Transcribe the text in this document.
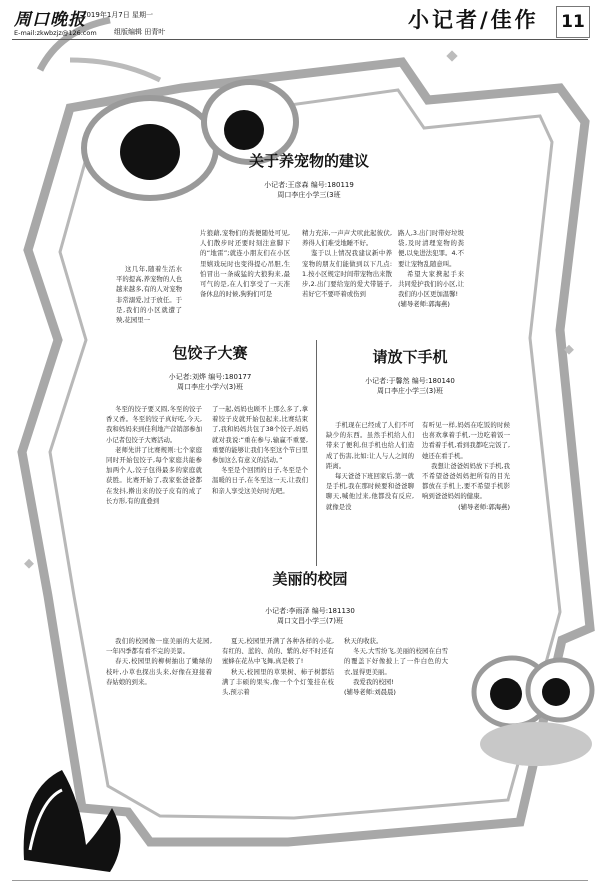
周口晚报
2019年1月7日 星期一
E-mail:zkwbzjz@126.com 组版编辑 田青叶	小记者/佳作	11
关于养宠物的建议
小记者:王彦森 编号:180119
周口李庄小学三(3班

这几年,随着生活水平的提高,养宠物的人也越来越多,有的人对宠物非常溺爱,过于放任。于是,我们的小区就遭了殃,花园里一

片狼藉,宠物们的粪便随处可见,人们散步时还要时刻注意脚下的“地雷”;就连小朋友们在小区里嬉戏玩时也变得提心吊胆,生怕冒出一条威猛的大狼狗来,最可气的是,在人们享受了一天准备休息的时候,狗狗们可是

精力充沛,一声声犬吠此起彼伏,养得人们难受地睡不好。

鉴于以上情况我建议新中养宠物的朋友们能做到以下几点:1.按小区规定时间带宠物出来散步,2.出门要给宠的爱犬带链子,若好它不要吓着或伤到

路人,3.出门时带好垃圾袋,及时清理宠物的粪便,以免进法犯罪。4.不要让宠物乱随意叫。

希望大家携起手来共同爱护我们的小区,让我们的小区更加温馨!

(辅导老师:郭海燕)

包饺子大赛
小记者:刘烨 编号:180177
周口李庄小学六(3)班

冬至的饺子要又圆,冬至的饺子香又香。冬至的饺子真好吃,今天,我和妈妈来到佳利地产营销部参加小记者包饺子大赛活动。

老师先讲了比赛规则:七个家庭同时开始包饺子,每个家庭共能参加两个人,饺子包得最多的家庭就获胜。比赛开始了,我家张爸爸都在发抖,擀出来的饺子皮有的成了长方形,有的直叠到

了一起,妈妈也顾不上那么多了,拿着饺子皮就开始包起来,比赛结束了,我和妈妈共包了38个饺子,妈妈就对我说:“重在参与,输赢不重要,重要的能够让我们冬至这个节日里参加这么有意义的活动。”

冬至是个回团的日子,冬至是个温暖的日子,在冬至这一天,让我们和亲人享受这美好时光吧。

请放下手机
小记者:于馨然 编号:180140
周口李庄小学三(3)班

手机现在已经成了人们不可缺少的东西。虽然手机给人们带来了便利,但手机也给人们造成了伤害,比如:让人与人之间的距离。

每天爸爸下班回家后,第一就是手机,我在那时候要和爸爸聊聊天,喊他过来,他都没有反应,就像是没

有听见一样,妈妈在吃饭的时候也喜欢拿着手机,一边吃着饭一边看着手机,看到我都吃完饭了,她还在看手机。

我想让爸爸妈妈放下手机,我不希望爸爸妈妈把所有的目光都放在手机上,要不希望手机影响到爸爸妈妈的健康。

(辅导老师:郭海燕)

美丽的校园
小记者:李雨泽 编号:181130
周口文昌小学三(7)班

我们的校园像一座美丽的大花园,一年四季都有看不完的美景。

春天,校园里的柳树抽出了嫩绿的枝叶,小草也探出头来,好像在迎接着春姑娘的到来。

夏天,校园里开满了各种各样的小花,有红的、蓝的、黄的、紫的,好不时还有蜜蜂在花丛中飞舞,真是极了!

秋天,校园里的草果树、柿子树都结满了丰硕的果实,像一个个灯笼挂在枝头,预示着

秋天的收获。

冬天,大雪纷飞,美丽的校园在白雪的覆盖下好像披上了一件白色的大衣,显得更美丽。

我爱我的校园!

(辅导老师:刘晨晨)
